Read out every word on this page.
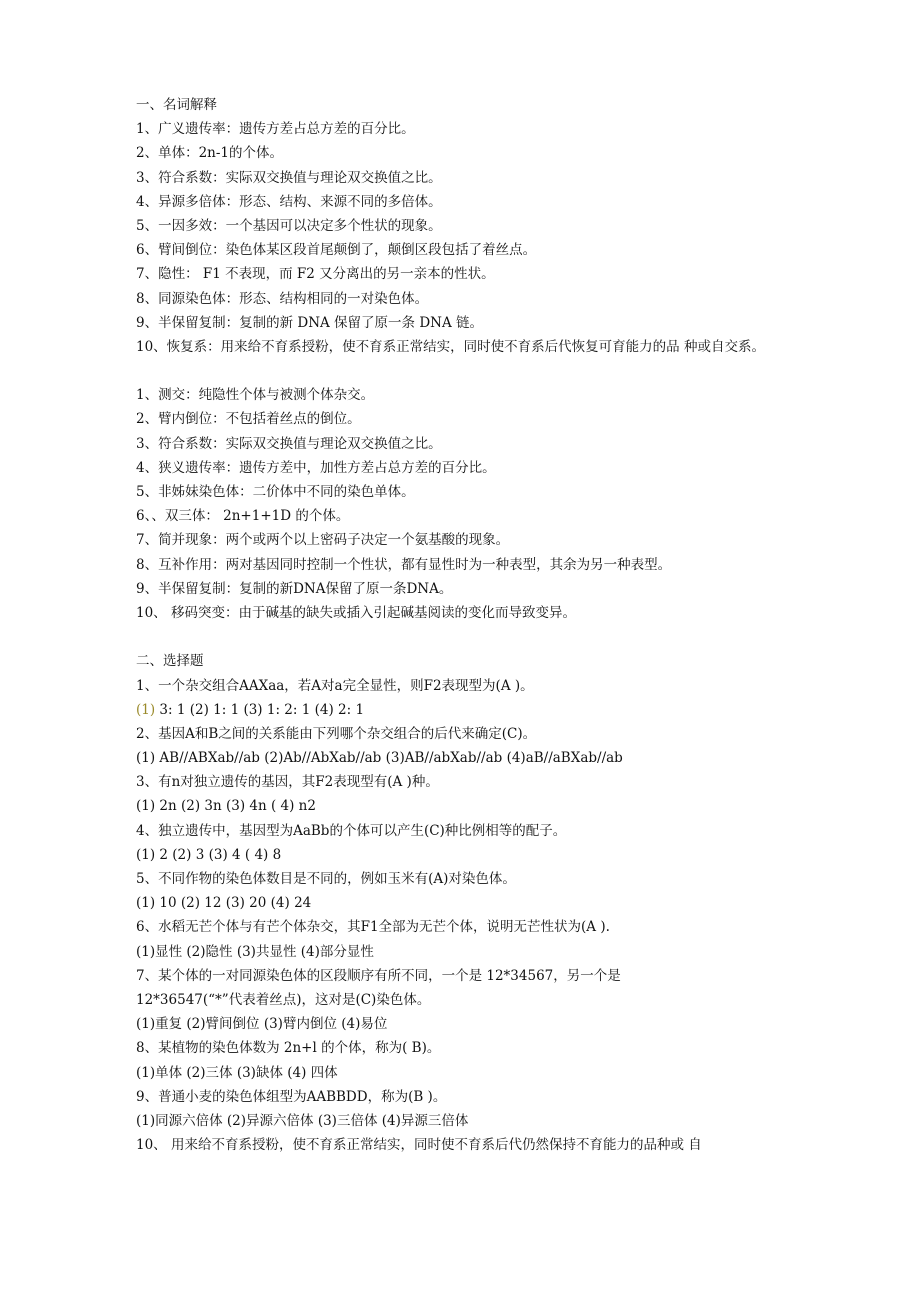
一、名词解释
1、广义遗传率：遗传方差占总方差的百分比。
2、单体：2n-1的个体。
3、符合系数：实际双交换值与理论双交换值之比。
4、异源多倍体：形态、结构、来源不同的多倍体。
5、一因多效：一个基因可以决定多个性状的现象。
6、臂间倒位：染色体某区段首尾颠倒了，颠倒区段包括了着丝点。
7、隐性： F1 不表现，而 F2 又分离出的另一亲本的性状。
8、同源染色体：形态、结构相同的一对染色体。
9、半保留复制：复制的新 DNA 保留了原一条 DNA 链。
10、恢复系：用来给不育系授粉，使不育系正常结实，同时使不育系后代恢复可育能力的品 种或自交系。
1、测交：纯隐性个体与被测个体杂交。
2、臂内倒位：不包括着丝点的倒位。
3、符合系数：实际双交换值与理论双交换值之比。
4、狭义遗传率：遗传方差中，加性方差占总方差的百分比。
5、非姊妹染色体：二价体中不同的染色单体。
6、、双三体： 2n+1+1D 的个体。
7、简并现象：两个或两个以上密码子决定一个氨基酸的现象。
8、互补作用：两对基因同时控制一个性状，都有显性时为一种表型，其余为另一种表型。
9、半保留复制：复制的新DNA保留了原一条DNA。
10、 移码突变：由于碱基的缺失或插入引起碱基阅读的变化而导致变异。
二、选择题
1、一个杂交组合AAXaa，若A对a完全显性，则F2表现型为(A )。
(1) 3: 1 (2) 1: 1 (3) 1: 2: 1 (4) 2: 1
2、基因A和B之间的关系能由下列哪个杂交组合的后代来确定(C)。
(1) AB//ABXab//ab (2)Ab//AbXab//ab (3)AB//abXab//ab (4)aB//aBXab//ab
3、有n对独立遗传的基因，其F2表现型有(A )种。
(1) 2n (2) 3n (3) 4n ( 4) n2
4、独立遗传中，基因型为AaBb的个体可以产生(C)种比例相等的配子。
(1) 2 (2) 3 (3) 4 ( 4) 8
5、不同作物的染色体数目是不同的，例如玉米有(A)对染色体。
(1) 10 (2) 12 (3) 20 (4) 24
6、水稻无芒个体与有芒个体杂交，其F1全部为无芒个体，说明无芒性状为(A ).
(1)显性 (2)隐性 (3)共显性 (4)部分显性
7、某个体的一对同源染色体的区段顺序有所不同，一个是 12*34567，另一个是
12*36547(“*”代表着丝点)，这对是(C)染色体。
(1)重复 (2)臂间倒位 (3)臂内倒位 (4)易位
8、某植物的染色体数为 2n+l 的个体，称为( B)。
(1)单体 (2)三体 (3)缺体 (4) 四体
9、普通小麦的染色体组型为AABBDD，称为(B )。
(1)同源六倍体 (2)异源六倍体 (3)三倍体 (4)异源三倍体
10、 用来给不育系授粉，使不育系正常结实，同时使不育系后代仍然保持不育能力的品种或 自
